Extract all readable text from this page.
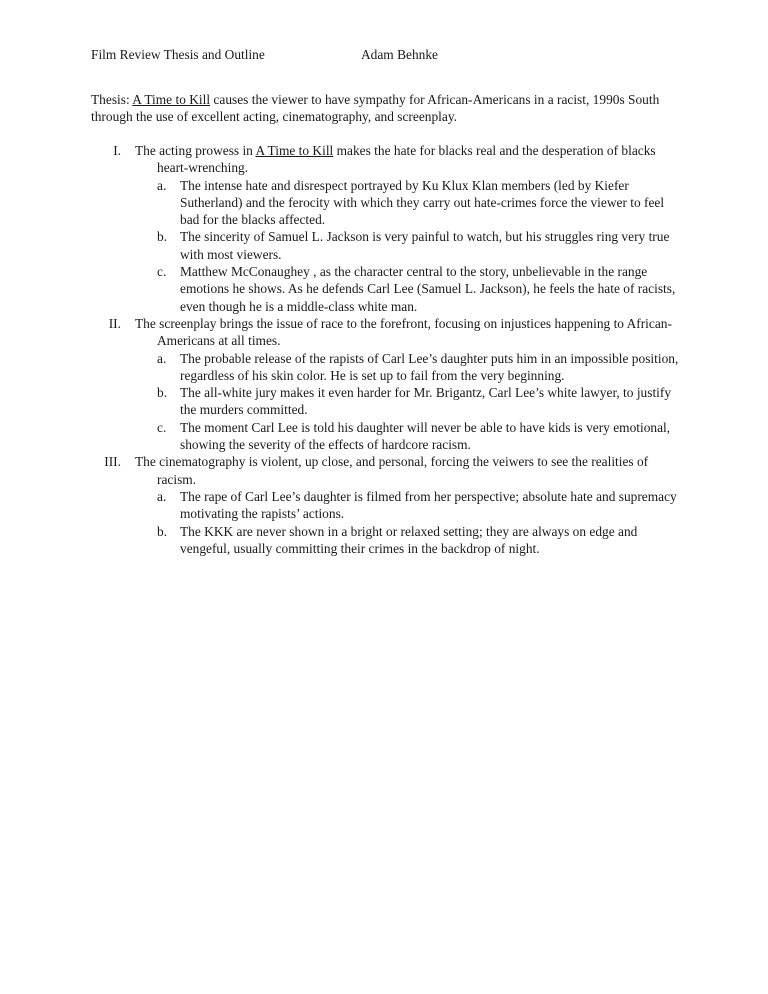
Film Review Thesis and Outline	Adam Behnke
Thesis: A Time to Kill causes the viewer to have sympathy for African-Americans in a racist, 1990s South through the use of excellent acting, cinematography, and screenplay.
I. The acting prowess in A Time to Kill makes the hate for blacks real and the desperation of blacks heart-wrenching.
a. The intense hate and disrespect portrayed by Ku Klux Klan members (led by Kiefer Sutherland) and the ferocity with which they carry out hate-crimes force the viewer to feel bad for the blacks affected.
b. The sincerity of Samuel L. Jackson is very painful to watch, but his struggles ring very true with most viewers.
c. Matthew McConaughey , as the character central to the story, unbelievable in the range emotions he shows. As he defends Carl Lee (Samuel L. Jackson), he feels the hate of racists, even though he is a middle-class white man.
II. The screenplay brings the issue of race to the forefront, focusing on injustices happening to African-Americans at all times.
a. The probable release of the rapists of Carl Lee’s daughter puts him in an impossible position, regardless of his skin color. He is set up to fail from the very beginning.
b. The all-white jury makes it even harder for Mr. Brigantz, Carl Lee’s white lawyer, to justify the murders committed.
c. The moment Carl Lee is told his daughter will never be able to have kids is very emotional, showing the severity of the effects of hardcore racism.
III. The cinematography is violent, up close, and personal, forcing the veiwers to see the realities of racism.
a. The rape of Carl Lee’s daughter is filmed from her perspective; absolute hate and supremacy motivating the rapists’ actions.
b. The KKK are never shown in a bright or relaxed setting; they are always on edge and vengeful, usually committing their crimes in the backdrop of night.
